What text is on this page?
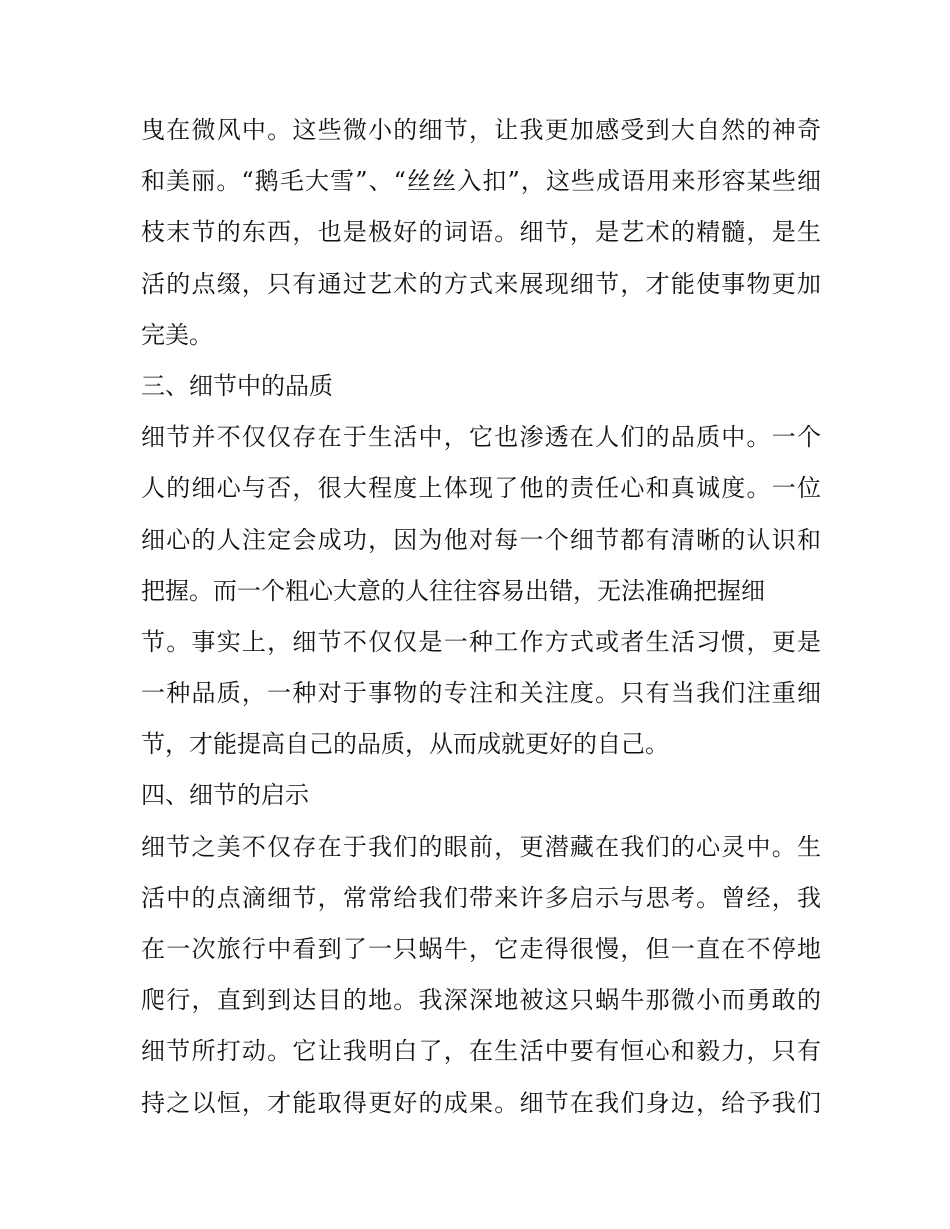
曳在微风中。这些微小的细节，让我更加感受到大自然的神奇
和美丽。“鹅毛大雪”、“丝丝入扣”，这些成语用来形容某些细
枝末节的东西，也是极好的词语。细节，是艺术的精髓，是生
活的点缀，只有通过艺术的方式来展现细节，才能使事物更加
完美。
三、细节中的品质
细节并不仅仅存在于生活中，它也渗透在人们的品质中。一个
人的细心与否，很大程度上体现了他的责任心和真诚度。一位
细心的人注定会成功，因为他对每一个细节都有清晰的认识和
把握。而一个粗心大意的人往往容易出错，无法准确把握细
节。事实上，细节不仅仅是一种工作方式或者生活习惯，更是
一种品质，一种对于事物的专注和关注度。只有当我们注重细
节，才能提高自己的品质，从而成就更好的自己。
四、细节的启示
细节之美不仅存在于我们的眼前，更潜藏在我们的心灵中。生
活中的点滴细节，常常给我们带来许多启示与思考。曾经，我
在一次旅行中看到了一只蜗牛，它走得很慢，但一直在不停地
爬行，直到到达目的地。我深深地被这只蜗牛那微小而勇敢的
细节所打动。它让我明白了，在生活中要有恒心和毅力，只有
持之以恒，才能取得更好的成果。细节在我们身边，给予我们
